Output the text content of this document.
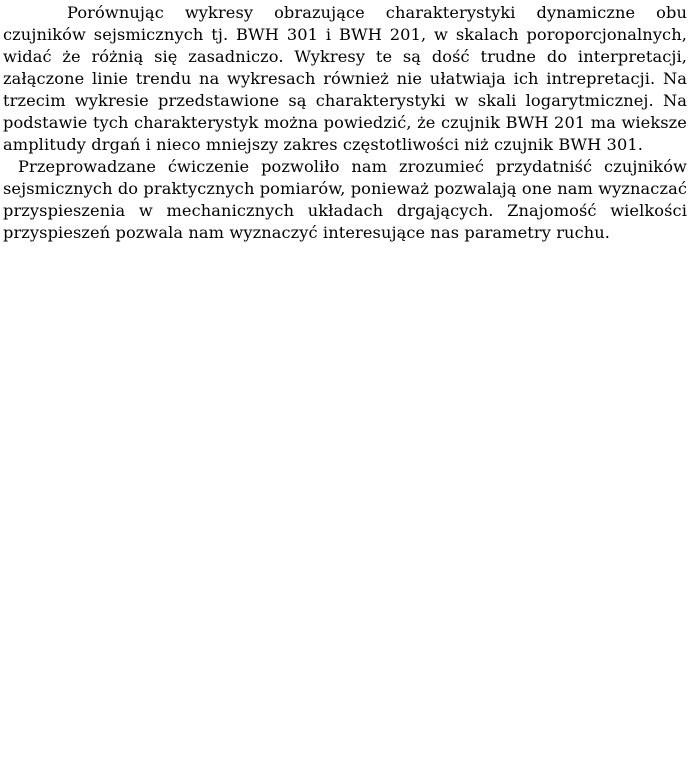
Porównując wykresy obrazujące charakterystyki dynamiczne obu czujników sejsmicznych tj. BWH 301 i BWH 201, w skalach poroporcjonalnych, widać że różnią się zasadniczo. Wykresy te są dość trudne do interpretacji, załączone linie trendu na wykresach również nie ułatwiaja ich intrepretacji. Na trzecim wykresie przedstawione są charakterystyki w skali logarytmicznej. Na podstawie tych charakterystyk można powiedzić, że czujnik BWH 201 ma wieksze amplitudy drgań i nieco mniejszy zakres częstotliwości niż czujnik BWH 301.

Przeprowadzane ćwiczenie pozwoliło nam zrozumieć przydatniść czujników sejsmicznych do praktycznych pomiarów, ponieważ pozwalają one nam wyznaczać przyspieszenia w mechanicznych układach drgających. Znajomość wielkości przyspieszeń pozwala nam wyznaczyć interesujące nas parametry ruchu.
